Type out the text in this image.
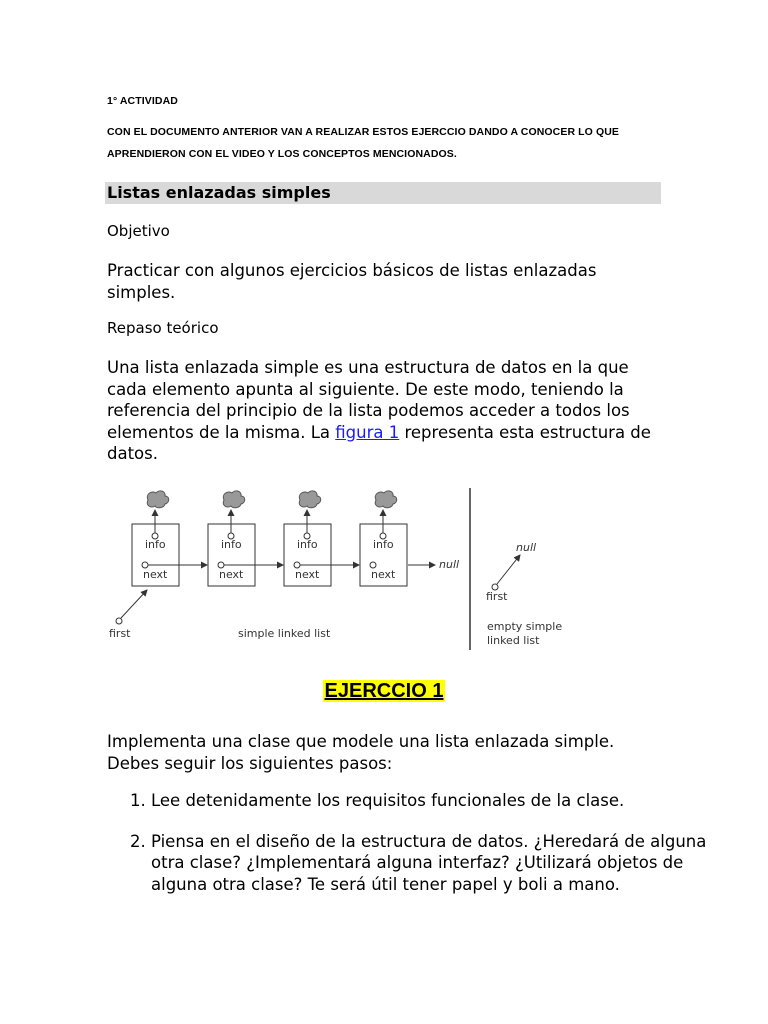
1° ACTIVIDAD

CON EL DOCUMENTO ANTERIOR VAN A REALIZAR ESTOS EJERCCIO DANDO A CONOCER LO QUE

APRENDIERON CON EL VIDEO Y LOS CONCEPTOS MENCIONADOS.

Listas enlazadas simples

Objetivo

Practicar con algunos ejercicios básicos de listas enlazadas simples.

Repaso teórico

Una lista enlazada simple es una estructura de datos en la que cada elemento apunta al siguiente. De este modo, teniendo la referencia del principio de la lista podemos acceder a todos los elementos de la misma. La figura 1 representa esta estructura de datos.

info
next
info
next
info
next
info
next
null
first	simple linked list
null
first
empty simple
linked list
EJERCCIO 1

Implementa una clase que modele una lista enlazada simple. Debes seguir los siguientes pasos:

1. Lee detenidamente los requisitos funcionales de la clase.
2. Piensa en el diseño de la estructura de datos. ¿Heredará de alguna otra clase? ¿Implementará alguna interfaz? ¿Utilizará objetos de alguna otra clase? Te será útil tener papel y boli a mano.
